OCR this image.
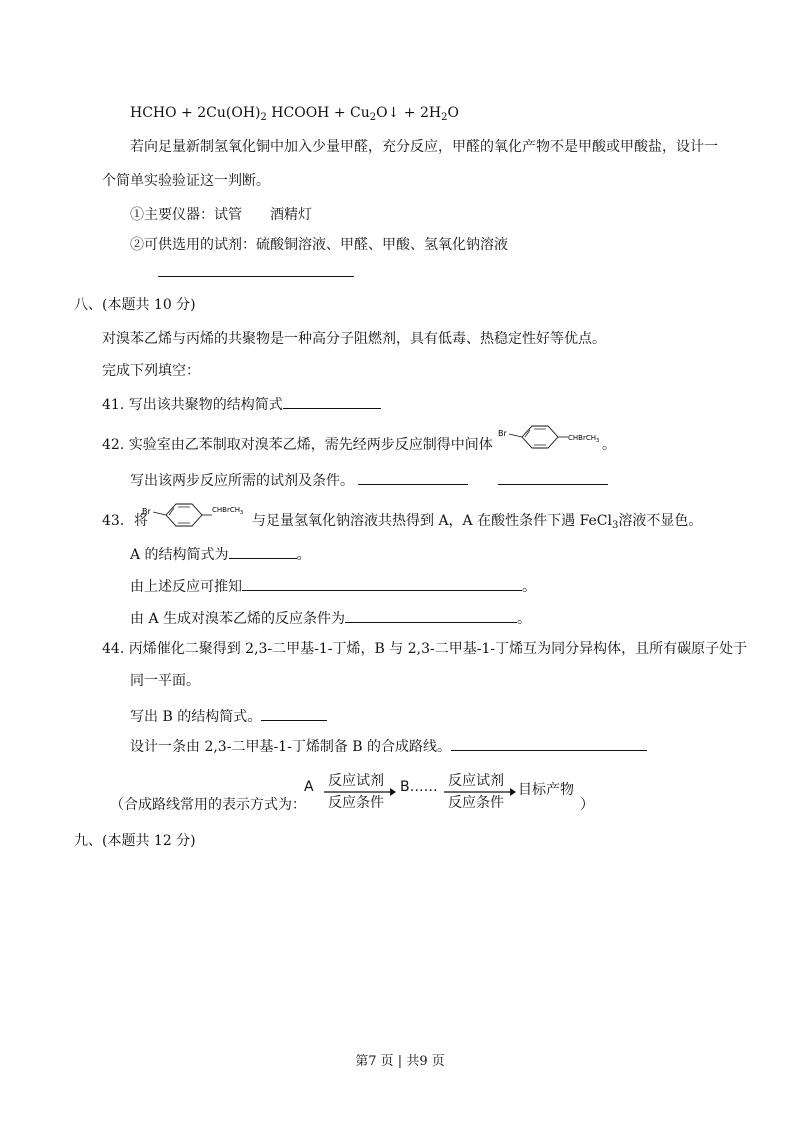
HCHO + $2Cu(OH)_2$ HCOOH + $Cu_2O↓ + 2H_2O$
若向足量新制氢氧化铜中加入少量甲醛，充分反应，甲醛的氧化产物不是甲酸或甲酸盐，设计一
个简单实验验证这一判断。
①主要仪器：试管　　酒精灯
②可供选用的试剂：硫酸铜溶液、甲醛、甲酸、氢氧化钠溶液
八、(本题共 10 分)
对溴苯乙烯与丙烯的共聚物是一种高分子阻燃剂，具有低毒、热稳定性好等优点。
完成下列填空：
41. 写出该共聚物的结构简式
42. 实验室由乙苯制取对溴苯乙烯，需先经两步反应制得中间体
Br	CHBrCH$_3$ 。
写出该两步反应所需的试剂及条件。
43．将
Br	CHBrCH$_3$ 与足量氢氧化钠溶液共热得到 A，A 在酸性条件下遇 FeCl$_3$溶液不显色。
A 的结构简式为	。
由上述反应可推知	。
由 A 生成对溴苯乙烯的反应条件为	。
44. 丙烯催化二聚得到 2,3-二甲基-1-丁烯，B 与 2,3-二甲基-1-丁烯互为同分异构体，且所有碳原子处于
同一平面。
写出 B 的结构简式。
设计一条由 2,3-二甲基-1-丁烯制备 B 的合成路线。
（合成路线常用的表示方式为：
A 反应试剂
反应条件
B…… 反应试剂
反应条件
目标产物
）
九、(本题共 12 分)
第7 页 | 共9 页
